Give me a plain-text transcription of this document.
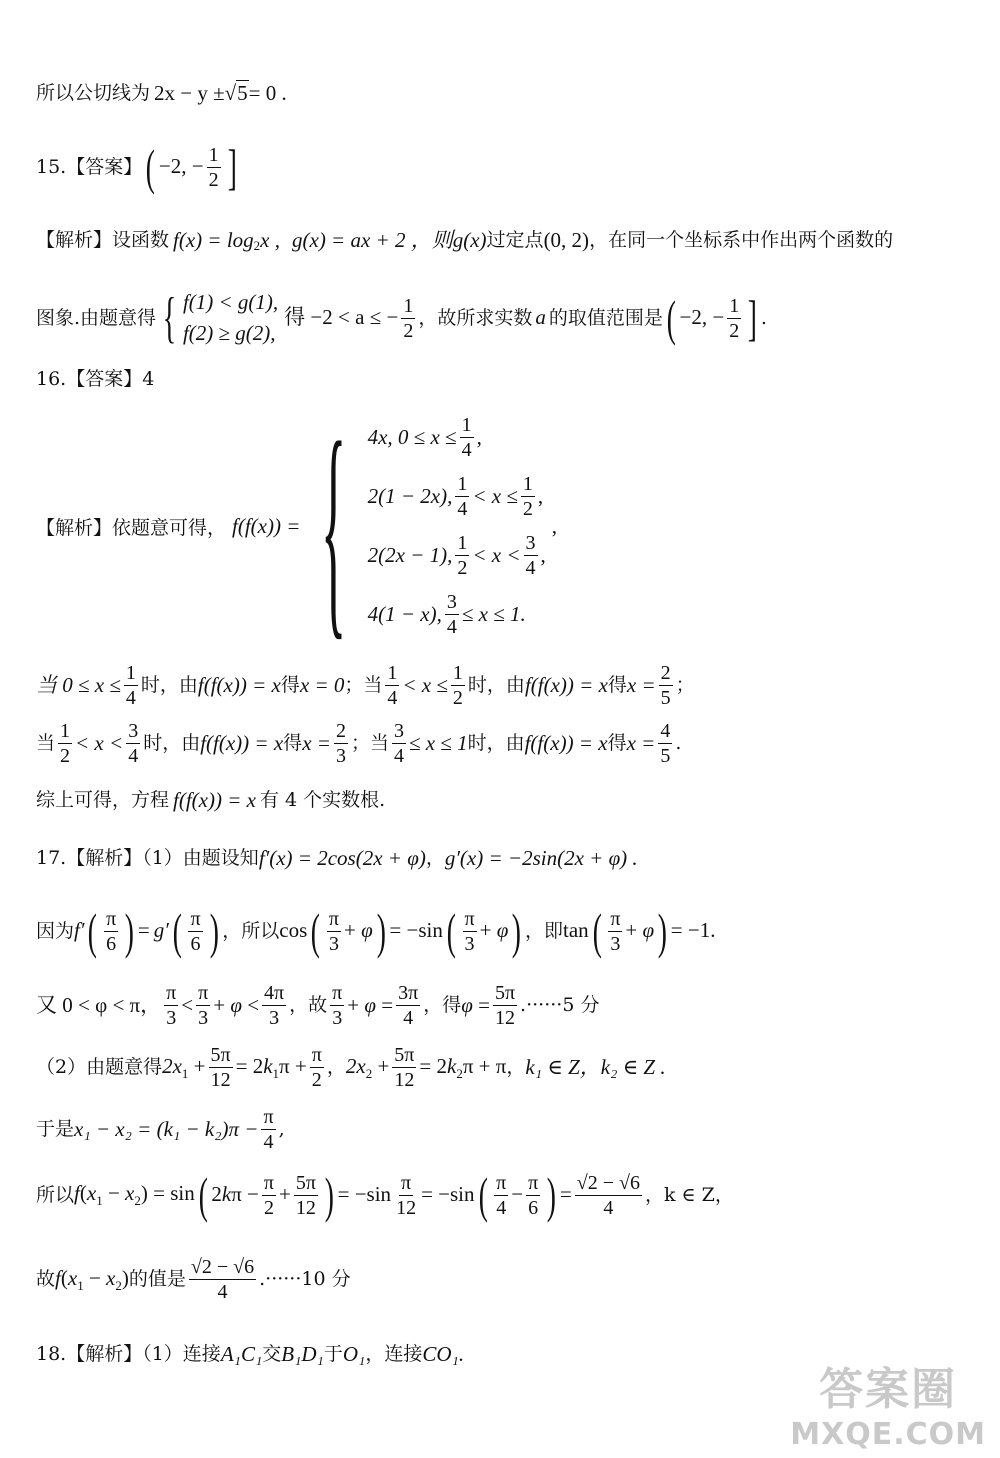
所以公切线为 2x − y ± √ 5 = 0 .
15.【答案】 ( −2, − $\frac{1}{2}$ ]
【解析】设函数 $f(x) = \log_2 x$ , g(x) = ax + 2 ，则 g(x) 过定点 (0, 2) ，在同一个坐标系中作出两个函数的
图象.由题意得 { f(1) < g(1),
f(2) ≥ g(2),
得 −2 < a ≤ − $\frac{1}{2}$ ，故所求实数 a 的取值范围是 ( −2, − $\frac{1}{2}$ ] .
16.【答案】4
【解析】依题意可得， f(f(x)) = { 4x, $0 \le x \le \frac{1}{4}$ ,
2(1 − 2x), $\frac{1}{4} < x \le \frac{1}{2}$ ,
2(2x − 1), $\frac{1}{2} < x < \frac{3}{4}$ ,
4(1 − x), $\frac{3}{4} \le x \le 1$.
,
当 $0 \le x \le \frac{1}{4}$ 时，由 f(f(x)) = x 得 x = 0 ；当 $\frac{1}{4} < x \le \frac{1}{2}$ 时，由 f(f(x)) = x 得 $x = \frac{2}{5}$ ；
当 $\frac{1}{2} < x < \frac{3}{4}$ 时，由 f(f(x)) = x 得 $x = \frac{2}{3}$ ；当 $\frac{3}{4} \le x \le 1$ 时，由 f(f(x)) = x 得 $x = \frac{4}{5}$ .
综上可得，方程 f(f(x)) = x 有 4 个实数根.
17.【解析】（1）由题设知 f′(x) = 2cos(2x + φ) ， g′(x) = −2sin(2x + φ) .
因为 f′ ( $\frac{\pi}{6}$ ) = g′ ( $\frac{\pi}{6}$ ) ，所以 cos ( $\frac{\pi}{3} + \varphi$ ) = −sin ( $\frac{\pi}{3} + \varphi$ ) ，即 tan ( $\frac{\pi}{3} + \varphi$ ) = −1.
又 0 < φ < π， $\frac{\pi}{3} < \frac{\pi}{3} + \varphi < \frac{4\pi}{3}$ ，故 $\frac{\pi}{3} + \varphi = \frac{3\pi}{4}$ ，得 $\varphi = \frac{5\pi}{12} .\cdot\cdot\cdot\cdot\cdot\cdot 5$ 分
（2）由题意得 $2x_1 + \frac{5\pi}{12} = 2k_1\pi + \frac{\pi}{2}$ ， $2x_2 + \frac{5\pi}{12} = 2k_2\pi + \pi$ ， k₁ ∈ Z，k₂ ∈ Z .
于是 $x_1 - x_2 = (k_1 - k_2)\pi - \frac{\pi}{4}$ ,
所以 $f(x_1 - x_2) = \sin$ ( $2k\pi - \frac{\pi}{2} + \frac{5\pi}{12}$ ) = $-\sin \frac{\pi}{12} = -\sin$ ( $\frac{\pi}{4} - \frac{\pi}{6}$ ) = $\frac{√2 - √6}{4}$ ，k ∈ Z，
故 $f(x_1 - x_2)$ 的值是 $\frac{√2 - √6}{4} .\cdot\cdot\cdot\cdot\cdot\cdot 10$ 分
18.【解析】（1）连接 A₁C₁ 交 B₁D₁ 于 O₁ ，连接 CO₁.
答案圈
MXQE.COM
